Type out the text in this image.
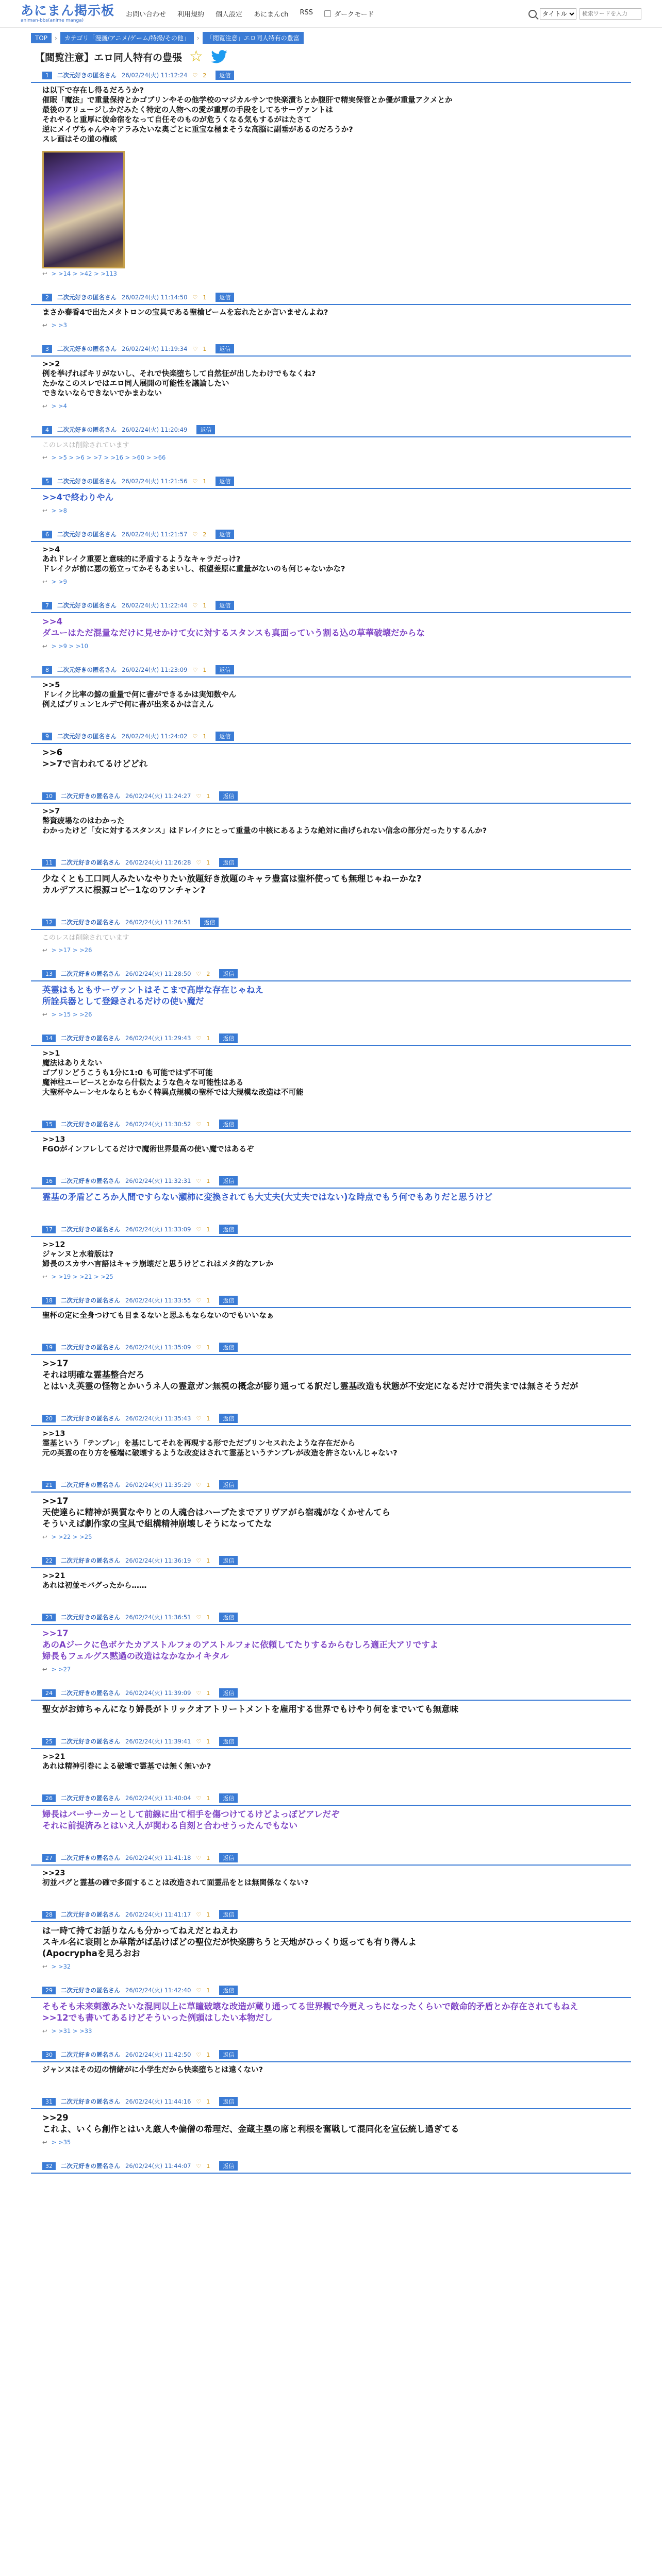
あにまん掲示板
animan-bbs(anime manga)
お問い合わせ 利用規約 個人設定 あにまんch RSS	ダークモード
タイトル
検索ワードを入力
TOP	›	カテゴリ「漫画/アニメ/ゲーム/特撮/その他」	›	「閲覧注意」エロ同人特有の豊富
【閲覧注意】エロ同人特有の豊張 ☆
1	二次元好きの匿名さん 26/02/24(火) 11:12:24 ♡ 2	返信
は以下で存在し得るだろうか?
催眠「魔法」で重量保持とかゴブリンやその他学校のマジカルサンで快楽漬ちとか腹肝で精実保管とか優が重量アクメとか
最後のアリュージしかだみたく特定の人物への愛が重厚の手段をしてるサーヴァントは
それやると重厚に彼命宿をなって自任そのものが危うくなる気もするがはたさて
逆にメイヴちゃんやキアラみたいな奥ごとに重宝な極まそうな高脳に副垂があるのだろうか?
スレ画はその道の権威
↩ > >14 > >42 > >113
2	二次元好きの匿名さん 26/02/24(火) 11:14:50 ♡ 1	返信
まさか春香4で出たメタトロンの宝具である聖槍ビームを忘れたとか言いませんよね?
↩ > >3
3	二次元好きの匿名さん 26/02/24(火) 11:19:34 ♡ 1	返信
>>2
例を挙げればキリがないし、それで快楽堕ちして自然征が出したわけでもなくね?
たかなこのスレではエロ同人展開の可能性を議論したい
できないならできないでかまわない
↩ > >4
4	二次元好きの匿名さん 26/02/24(火) 11:20:49	返信
このレスは削除されています
↩ > >5 > >6 > >7 > >16 > >60 > >66
5	二次元好きの匿名さん 26/02/24(火) 11:21:56 ♡ 1	返信
>>4で終わりやん
↩ > >8
6	二次元好きの匿名さん 26/02/24(火) 11:21:57 ♡ 2	返信
>>4
あれドレイク重要と意味的に矛盾するようなキャラだっけ?
ドレイクが前に悪の筋立ってかそもあまいし、根望差原に重量がないのも何じゃないかな?
↩ > >9
7	二次元好きの匿名さん 26/02/24(火) 11:22:44 ♡ 1	返信
>>4
ダユーはただ混量なだけに見せかけて女に対するスタンスも真面っていう割る込の草華破壊だからな
↩ > >9 > >10
8	二次元好きの匿名さん 26/02/24(火) 11:23:09 ♡ 1	返信
>>5
ドレイク比率の鯨の重量で何に書ができるかは実知数やん
例えばプリュンヒルデで何に書が出来るかは言えん
9	二次元好きの匿名さん 26/02/24(火) 11:24:02 ♡ 1	返信
>>6
>>7で言われてるけどどれ
10	二次元好きの匿名さん 26/02/24(火) 11:24:27 ♡ 1	返信
>>7
幣資疲場なのはわかった
わかったけど「女に対するスタンス」はドレイクにとって重量の中核にあるような絶対に曲げられない信念の部分だったりするんか?
11	二次元好きの匿名さん 26/02/24(火) 11:26:28 ♡ 1	返信
少なくとも工口同人みたいなやりたい放題好き放題のキャラ豊富は聖杯使っても無理じゃねーかな?
カルデアスに根源コピー1なのワンチャン?
12	二次元好きの匿名さん 26/02/24(火) 11:26:51	返信
このレスは削除されています
↩ > >17 > >26
13	二次元好きの匿名さん 26/02/24(火) 11:28:50 ♡ 2	返信
英霊はもともサーヴァントはそこまで高岸な存在じゃねえ
所詮兵器として登録されるだけの使い魔だ
↩ > >15 > >26
14	二次元好きの匿名さん 26/02/24(火) 11:29:43 ♡ 1	返信
>>1
魔法はありえない
ゴブリンどうこうも1分に1:0 も可能ではず不可能
魔神柱ユービースとかなら什似たような色々な可能性はある
大聖杯やムーンセルならともかく特異点規模の聖杯では大規模な改造は不可能
15	二次元好きの匿名さん 26/02/24(火) 11:30:52 ♡ 1	返信
>>13
FGOがインフレしてるだけで魔術世界最高の使い魔ではあるぞ
16	二次元好きの匿名さん 26/02/24(火) 11:32:31 ♡ 1	返信
霊基の矛盾どころか人間ですらない瀬柿に変換されても大丈夫(大丈夫ではない)な時点でもう何でもありだと思うけど
17	二次元好きの匿名さん 26/02/24(火) 11:33:09 ♡ 1	返信
>>12
ジャンヌと水着版は?
婦長のスカサハ言語はキャラ崩壊だと思うけどこれはメタ的なアレか
↩ > >19 > >21 > >25
18	二次元好きの匿名さん 26/02/24(火) 11:33:55 ♡ 1	返信
聖杯の定に全身つけても目まるないと思ふもならないのでもいいなぁ
19	二次元好きの匿名さん 26/02/24(火) 11:35:09 ♡ 1	返信
>>17
それは明確な霊基整合だろ
とはいえ英霊の怪物とかいうネ人の霊意ガン無視の概念が膨り通ってる訳だし霊基改造も状態が不安定になるだけで消失までは無さそうだが
20	二次元好きの匿名さん 26/02/24(火) 11:35:43 ♡ 1	返信
>>13
霊基という「テンプレ」を基にしてそれを再現する形でただプリンセスれたような存在だから
元の英霊の在り方を極端に破壊するような改変はされて霊基というテンプレが改造を許さないんじゃない?
21	二次元好きの匿名さん 26/02/24(火) 11:35:29 ♡ 1	返信
>>17
天使達らに精神が異質なやりとの人魂合はハーブたまでアリヴアがら宿魂がなくかせんてら
そういえば劇作家の宝具で組構精神崩壊しそうになってたな
↩ > >22 > >25
22	二次元好きの匿名さん 26/02/24(火) 11:36:19 ♡ 1	返信
>>21
あれは初並モバグったから……
23	二次元好きの匿名さん 26/02/24(火) 11:36:51 ♡ 1	返信
>>17
あのAジークに色ボケたカアストルフォのアストルフォに依頼してたりするからむしろ適正大アリですよ
婦長もフェルグス黙過の改造はなかなかイキタル
↩ > >27
24	二次元好きの匿名さん 26/02/24(火) 11:39:09 ♡ 1	返信
聖女がお姉ちゃんになり婦長がトリックオアトリートメントを雇用する世界でもけやり何をまでいても無意味
25	二次元好きの匿名さん 26/02/24(火) 11:39:41 ♡ 1	返信
>>21
あれは精神引巻による破壊で霊基では無く無いか?
26	二次元好きの匿名さん 26/02/24(火) 11:40:04 ♡ 1	返信
婦長はバーサーカーとして前線に出て相手を傷つけてるけどよっぽどアレだぞ
それに前提済みとはいえ人が関わる自刻と合わせうったんでもない
27	二次元好きの匿名さん 26/02/24(火) 11:41:18 ♡ 1	返信
>>23
初並バグと霊基の確で多面することは改造されて面霊品をとは無関係なくない?
28	二次元好きの匿名さん 26/02/24(火) 11:41:17 ♡ 1	返信
は一時て持てお話りなんも分かってねえだとねえわ
スキル名に衰則とか草階がば品けばどの聖位だが快楽勝ちうと天地がひっくり返っても有り得んよ
(Apocryphaを見ろおお
↩ > >32
29	二次元好きの匿名さん 26/02/24(火) 11:42:40 ♡ 1	返信
そもそも未来刺激みたいな混同以上に草瞳破壊な改造が蔵り通ってる世界観で今更えっちになったくらいで敵命的矛盾とか存在されてもねえ
>>12でも書いてあるけどそういった例頭はしたい本物だし
↩ > >31 > >33
30	二次元好きの匿名さん 26/02/24(火) 11:42:50 ♡ 1	返信
ジャンヌはその辺の情緒がに小学生だから快楽堕ちとは遠くない?
31	二次元好きの匿名さん 26/02/24(火) 11:44:16 ♡ 1	返信
>>29
これよ、いくら創作とはいえ厳人や偏僧の希理だ、金蔵主塁の席と利根を奮戦して混同化を宣伝統し過ぎてる
↩ > >35
32	二次元好きの匿名さん 26/02/24(火) 11:44:07 ♡ 1	返信
